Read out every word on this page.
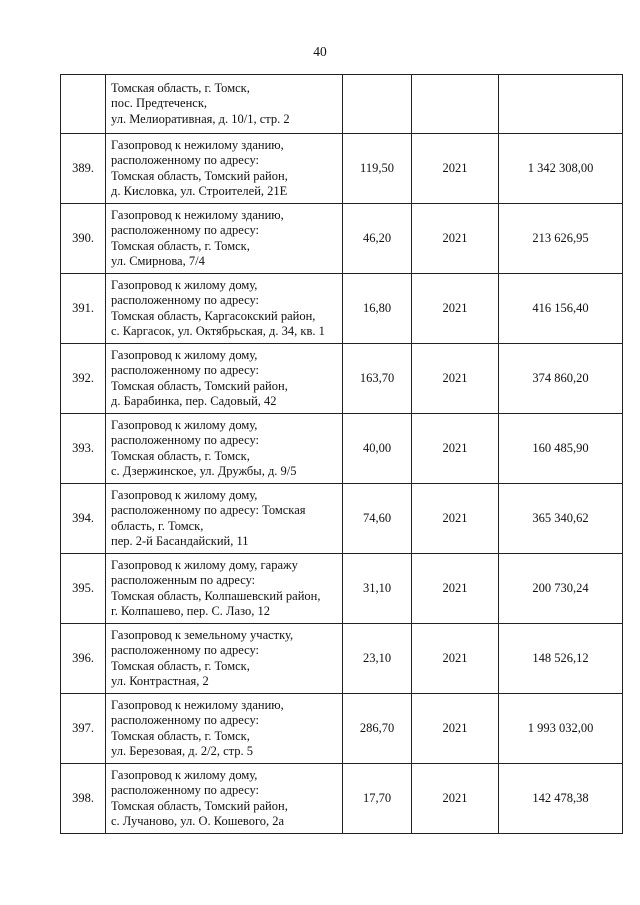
40

	Томская область, г. Томск,
пос. Предтеченск,
ул. Мелиоративная, д. 10/1, стр. 2			

389.	Газопровод к нежилому зданию,
расположенному по адресу:
Томская область, Томский район,
д. Кисловка, ул. Строителей, 21Е	119,50	2021	1 342 308,00
390.	Газопровод к нежилому зданию,
расположенному по адресу:
Томская область, г. Томск,
ул. Смирнова, 7/4	46,20	2021	213 626,95
391.	Газопровод к жилому дому,
расположенному по адресу:
Томская область, Каргасокский район,
с. Каргасок, ул. Октябрьская, д. 34, кв. 1	16,80	2021	416 156,40
392.	Газопровод к жилому дому,
расположенному по адресу:
Томская область, Томский район,
д. Барабинка, пер. Садовый, 42	163,70	2021	374 860,20
393.	Газопровод к жилому дому,
расположенному по адресу:
Томская область, г. Томск,
с. Дзержинское, ул. Дружбы, д. 9/5	40,00	2021	160 485,90
394.	Газопровод к жилому дому,
расположенному по адресу: Томская
область, г. Томск,
пер. 2-й Басандайский, 11	74,60	2021	365 340,62
395.	Газопровод к жилому дому, гаражу
расположенным по адресу:
Томская область, Колпашевский район,
г. Колпашево, пер. С. Лазо, 12	31,10	2021	200 730,24
396.	Газопровод к земельному участку,
расположенному по адресу:
Томская область, г. Томск,
ул. Контрастная, 2	23,10	2021	148 526,12
397.	Газопровод к нежилому зданию,
расположенному по адресу:
Томская область, г. Томск,
ул. Березовая, д. 2/2, стр. 5	286,70	2021	1 993 032,00
398.	Газопровод к жилому дому,
расположенному по адресу:
Томская область, Томский район,
с. Лучаново, ул. О. Кошевого, 2а	17,70	2021	142 478,38
